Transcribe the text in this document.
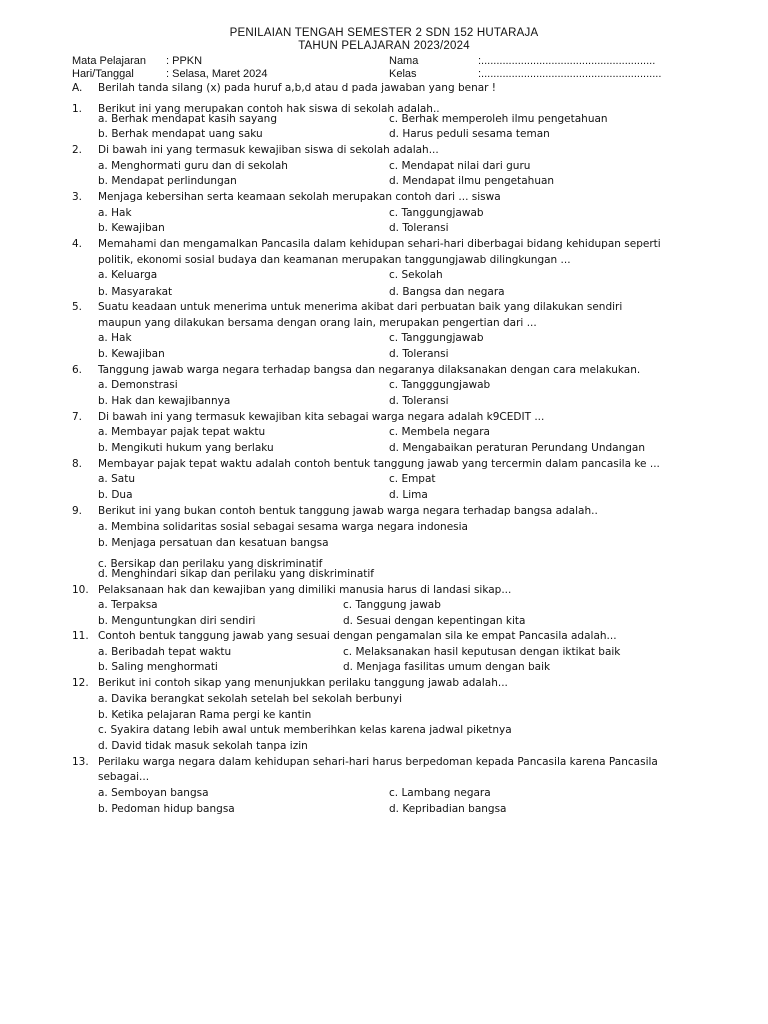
PENILAIAN TENGAH SEMESTER 2 SDN 152 HUTARAJA
TAHUN PELAJARAN 2023/2024
Mata Pelajaran : PPKN	Nama	:.........................................................
Hari/Tanggal	: Selasa, Maret 2024	Kelas	:...........................................................
A. Berilah tanda silang (x) pada huruf a,b,d atau d pada jawaban yang benar !
1. Berikut ini yang merupakan contoh hak siswa di sekolah adalah..
a. Berhak mendapat kasih sayang
b. Berhak mendapat uang saku
c. Berhak memperoleh ilmu pengetahuan
d. Harus peduli sesama teman
2. Di bawah ini yang termasuk kewajiban siswa di sekolah adalah...
a. Menghormati guru dan di sekolah
b. Mendapat perlindungan
c. Mendapat nilai dari guru
d. Mendapat ilmu pengetahuan
3. Menjaga kebersihan serta keamaan sekolah merupakan contoh dari ... siswa
a. Hak
b. Kewajiban
c. Tanggungjawab
d. Toleransi
4. Memahami dan mengamalkan Pancasila dalam kehidupan sehari-hari diberbagai bidang kehidupan seperti
politik, ekonomi sosial budaya dan keamanan merupakan tanggungjawab dilingkungan ...
a. Keluarga
b. Masyarakat
c. Sekolah
d. Bangsa dan negara
5. Suatu keadaan untuk menerima untuk menerima akibat dari perbuatan baik yang dilakukan sendiri
maupun yang dilakukan bersama dengan orang lain, merupakan pengertian dari ...
a. Hak
b. Kewajiban
c. Tanggungjawab
d. Toleransi
6. Tanggung jawab warga negara terhadap bangsa dan negaranya dilaksanakan dengan cara melakukan.
a. Demonstrasi
b. Hak dan kewajibannya
c. Tangggungjawab
d. Toleransi
7. Di bawah ini yang termasuk kewajiban kita sebagai warga negara adalah k9CEDIT ...
a. Membayar pajak tepat waktu
b. Mengikuti hukum yang berlaku
c. Membela negara
d. Mengabaikan peraturan Perundang Undangan
8. Membayar pajak tepat waktu adalah contoh bentuk tanggung jawab yang tercermin dalam pancasila ke ...
a. Satu
b. Dua
c. Empat
d. Lima
9. Berikut ini yang bukan contoh bentuk tanggung jawab warga negara terhadap bangsa adalah..
a. Membina solidaritas sosial sebagai sesama warga negara indonesia
b. Menjaga persatuan dan kesatuan bangsa
c. Bersikap dan perilaku yang diskriminatif
d. Menghindari sikap dan perilaku yang diskriminatif
10. Pelaksanaan hak dan kewajiban yang dimiliki manusia harus di landasi sikap...
a. Terpaksa
b. Menguntungkan diri sendiri
c. Tanggung jawab
d. Sesuai dengan kepentingan kita
11. Contoh bentuk tanggung jawab yang sesuai dengan pengamalan sila ke empat Pancasila adalah...
a. Beribadah tepat waktu
b. Saling menghormati
c. Melaksanakan hasil keputusan dengan iktikat baik
d. Menjaga fasilitas umum dengan baik
12. Berikut ini contoh sikap yang menunjukkan perilaku tanggung jawab adalah...
a. Davika berangkat sekolah setelah bel sekolah berbunyi
b. Ketika pelajaran Rama pergi ke kantin
c. Syakira datang lebih awal untuk memberihkan kelas karena jadwal piketnya
d. David tidak masuk sekolah tanpa izin
13. Perilaku warga negara dalam kehidupan sehari-hari harus berpedoman kepada Pancasila karena Pancasila
sebagai...
a. Semboyan bangsa
b. Pedoman hidup bangsa
c. Lambang negara
d. Kepribadian bangsa
